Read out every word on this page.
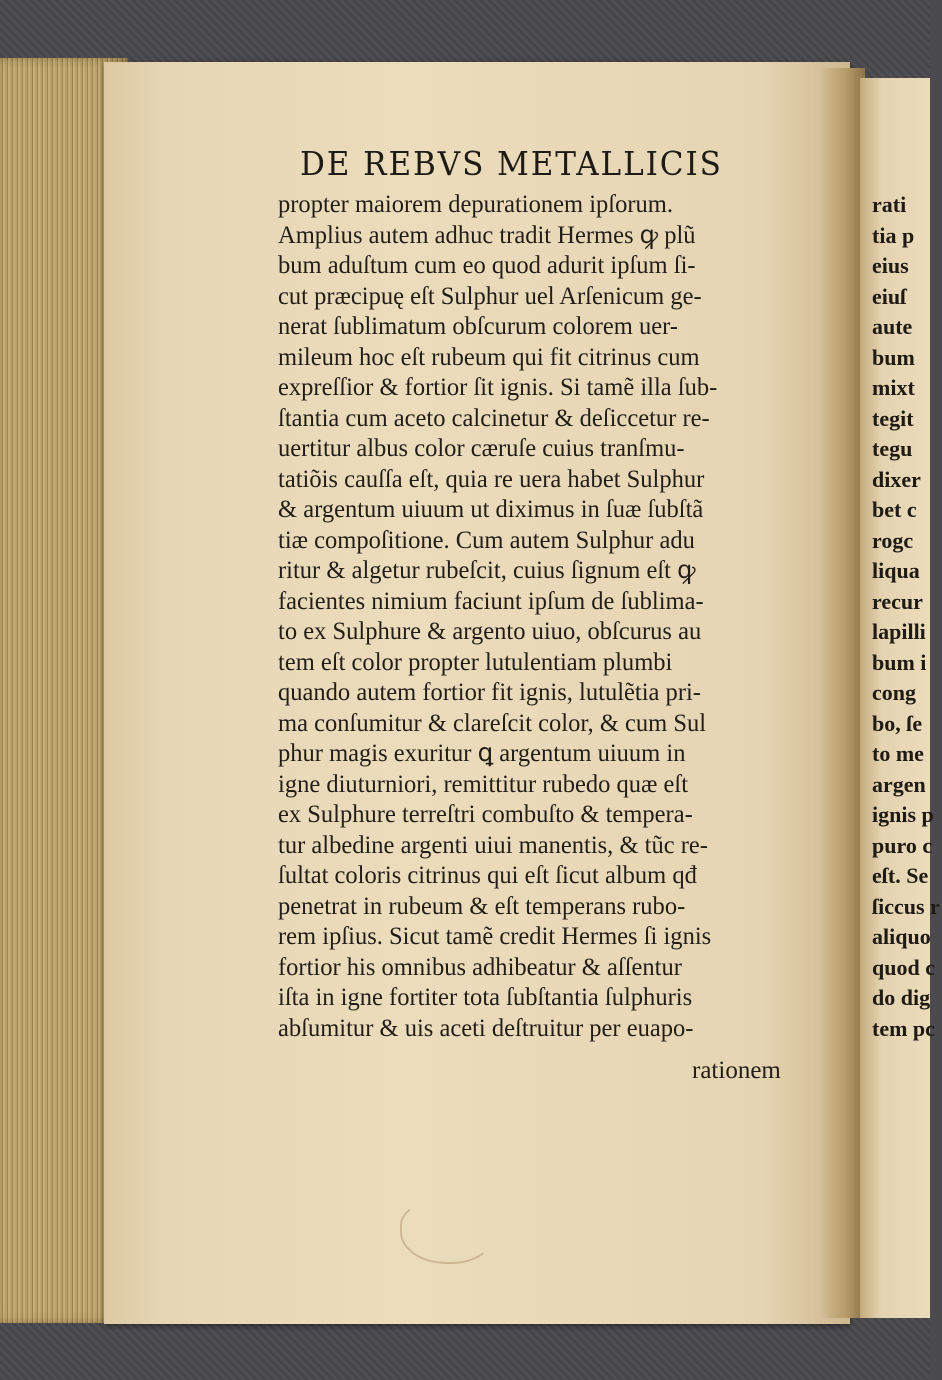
rati
tia p
eius
eiuſ
aute
bum
mixt
tegit
tegu
dixer
bet c
rogc
liqua
recur
lapilli
bum i
cong
bo, ſe
to me
argen
ignis p
puro c
eſt. Se
ſiccus r
aliquo
quod c
do dig
tem pc
DE REBVS METALLICIS
propter maiorem depurationem ipſorum.
Amplius autem adhuc tradit Hermes ꝙ plũ
bum aduſtum cum eo quod adurit ipſum ſi-
cut præcipuę eſt Sulphur uel Arſenicum ge-
nerat ſublimatum obſcurum colorem uer-
mileum hoc eſt rubeum qui fit citrinus cum
expreſſior & fortior ſit ignis. Si tamẽ illa ſub-
ſtantia cum aceto calcinetur & deſiccetur re-
uertitur albus color cæruſe cuius tranſmu-
tatiõis cauſſa eſt, quia re uera habet Sulphur
& argentum uiuum ut diximus in ſuæ ſubſtã
tiæ compoſitione. Cum autem Sulphur adu
ritur & algetur rubeſcit, cuius ſignum eſt ꝙ
facientes nimium faciunt ipſum de ſublima-
to ex Sulphure & argento uiuo, obſcurus au
tem eſt color propter lutulentiam plumbi
quando autem fortior fit ignis, lutulẽtia pri-
ma conſumitur & clareſcit color, & cum Sul
phur magis exuritur ꝗ argentum uiuum in
igne diuturniori, remittitur rubedo quæ eſt
ex Sulphure terreſtri combuſto & tempera-
tur albedine argenti uiui manentis, & tũc re-
ſultat coloris citrinus qui eſt ſicut album qđ
penetrat in rubeum & eſt temperans rubo-
rem ipſius. Sicut tamẽ credit Hermes ſi ignis
fortior his omnibus adhibeatur & aſſentur
iſta in igne fortiter tota ſubſtantia ſulphuris
abſumitur & uis aceti deſtruitur per euapo-
rationem
